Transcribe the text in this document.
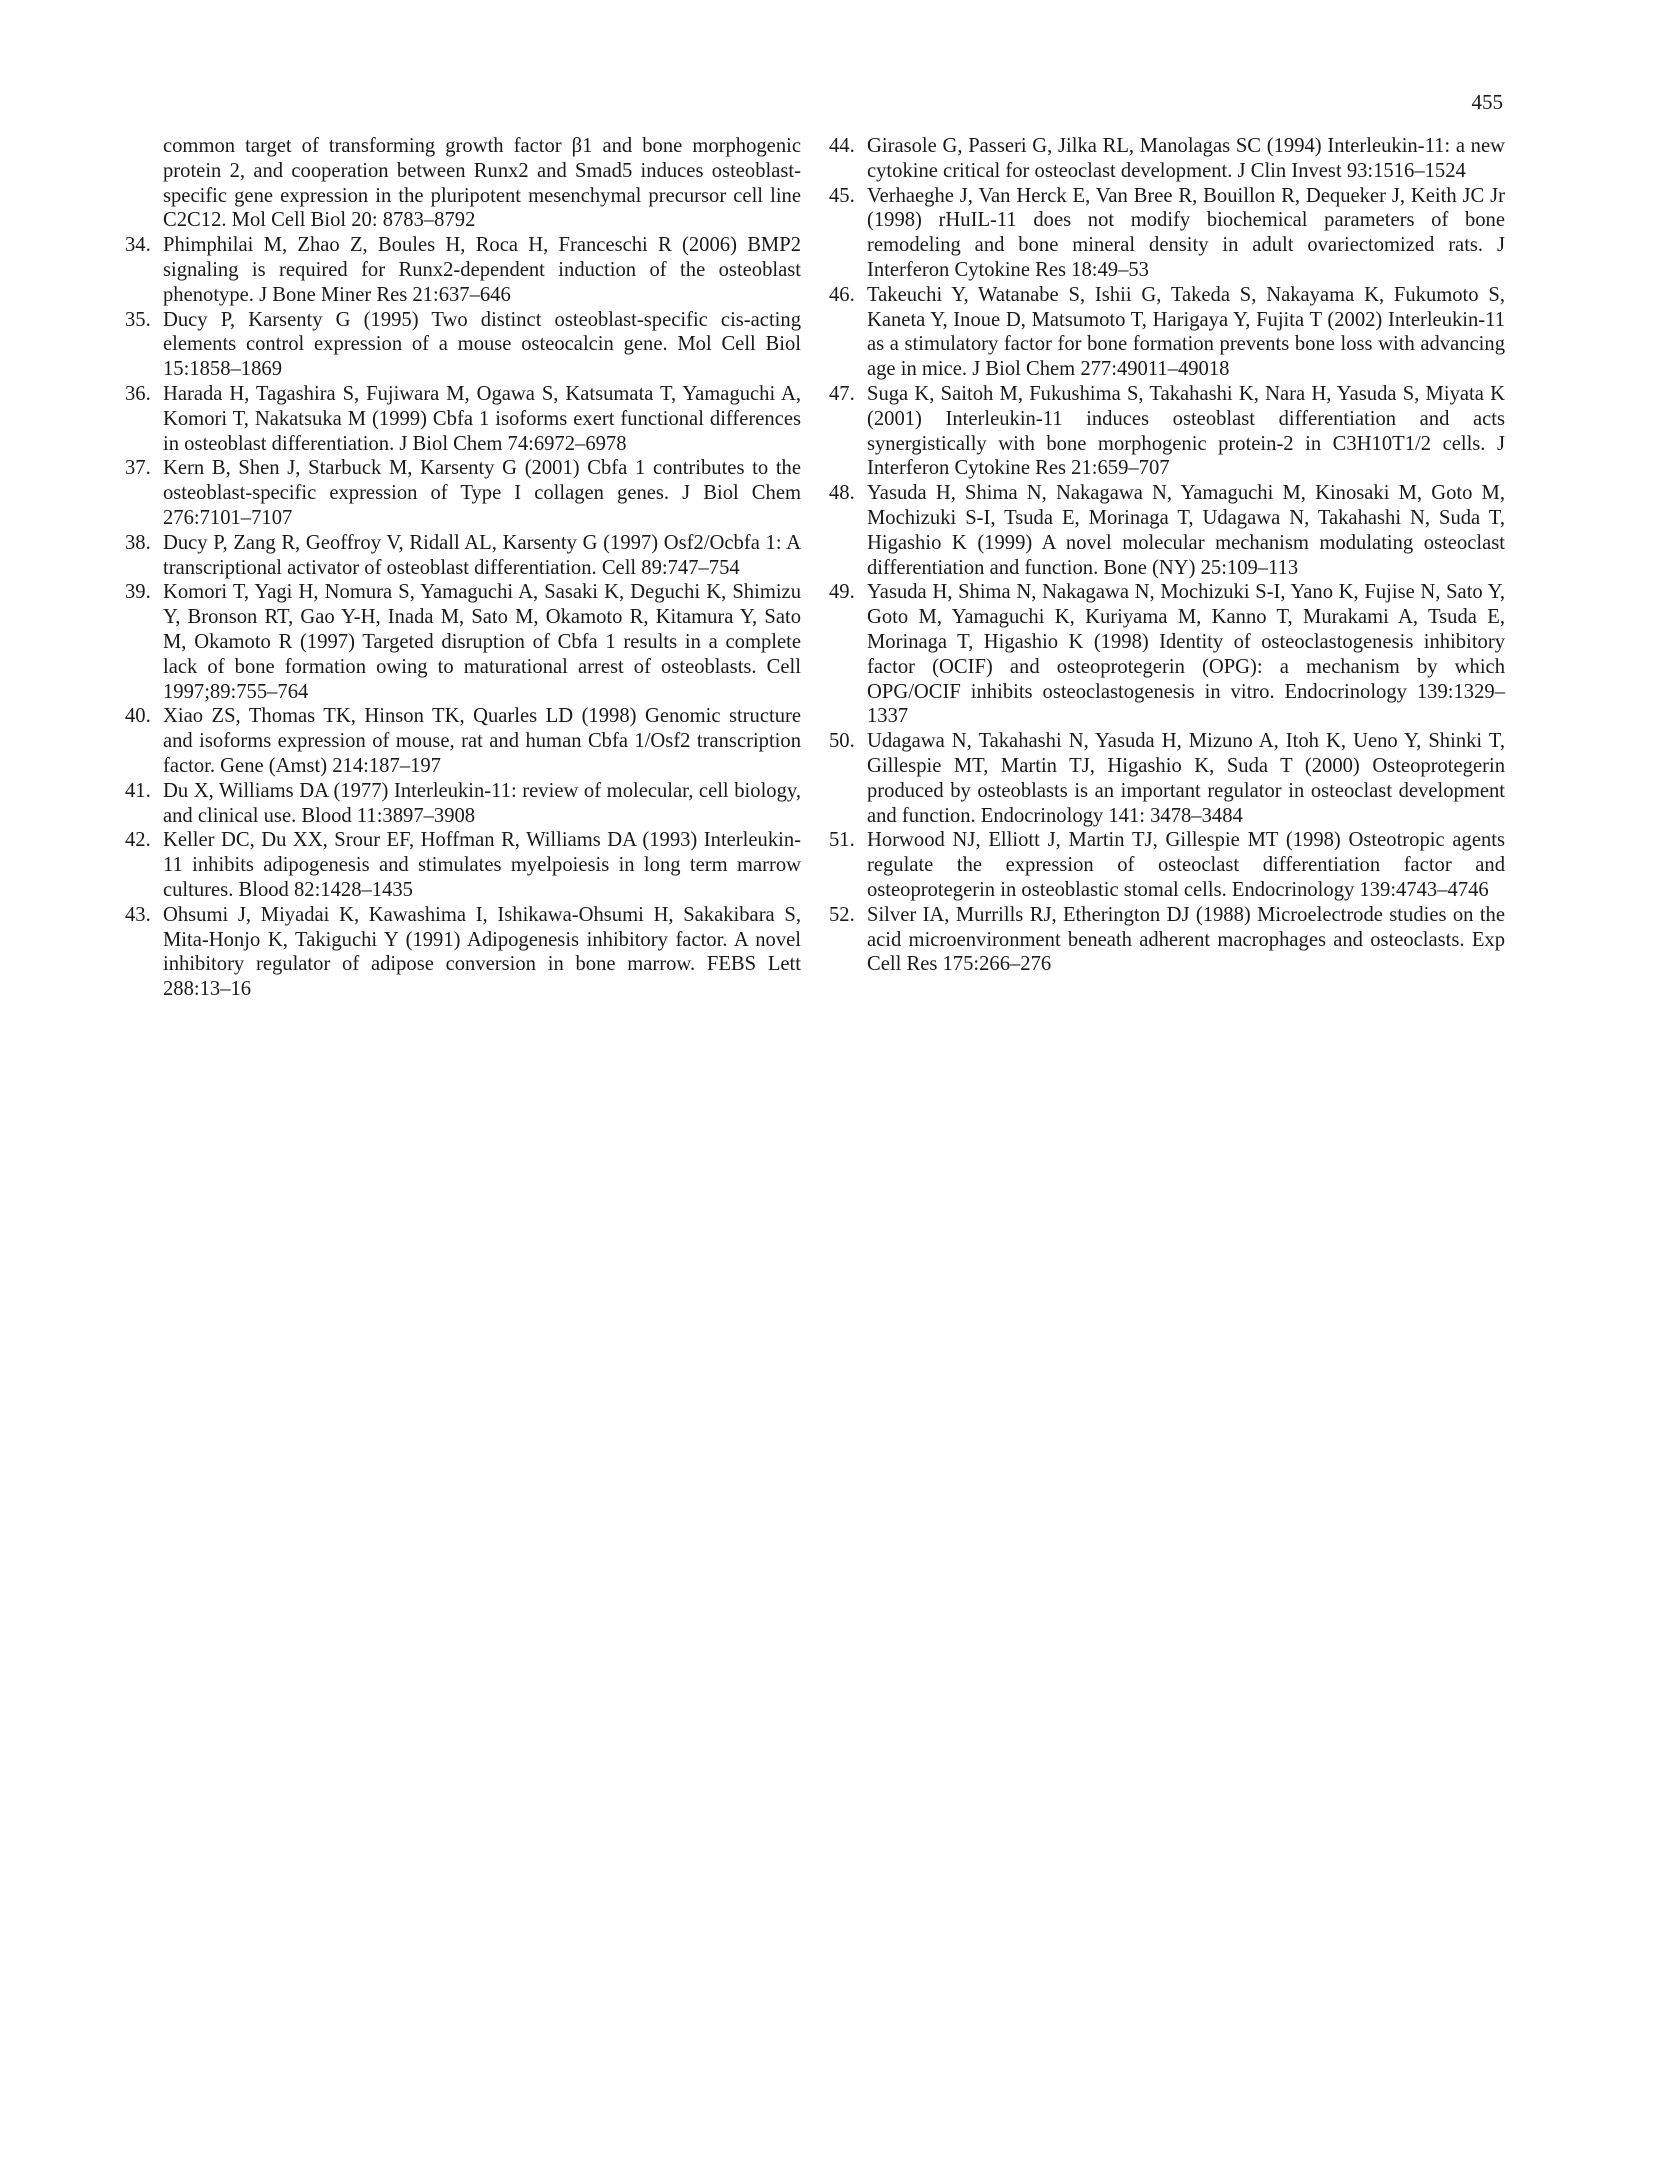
455

common target of transforming growth factor β1 and bone morphogenic protein 2, and cooperation between Runx2 and Smad5 induces osteoblast-specific gene expression in the pluripotent mesenchymal precursor cell line C2C12. Mol Cell Biol 20: 8783–8792

34. Phimphilai M, Zhao Z, Boules H, Roca H, Franceschi R (2006) BMP2 signaling is required for Runx2-dependent induction of the osteoblast phenotype. J Bone Miner Res 21:637–646

35. Ducy P, Karsenty G (1995) Two distinct osteoblast-specific cis-acting elements control expression of a mouse osteocalcin gene. Mol Cell Biol 15:1858–1869

36. Harada H, Tagashira S, Fujiwara M, Ogawa S, Katsumata T, Yamaguchi A, Komori T, Nakatsuka M (1999) Cbfa 1 isoforms exert functional differences in osteoblast differentiation. J Biol Chem 74:6972–6978

37. Kern B, Shen J, Starbuck M, Karsenty G (2001) Cbfa 1 contributes to the osteoblast-specific expression of Type I collagen genes. J Biol Chem 276:7101–7107

38. Ducy P, Zang R, Geoffroy V, Ridall AL, Karsenty G (1997) Osf2/Ocbfa 1: A transcriptional activator of osteoblast differentiation. Cell 89:747–754

39. Komori T, Yagi H, Nomura S, Yamaguchi A, Sasaki K, Deguchi K, Shimizu Y, Bronson RT, Gao Y-H, Inada M, Sato M, Okamoto R, Kitamura Y, Sato M, Okamoto R (1997) Targeted disruption of Cbfa 1 results in a complete lack of bone formation owing to maturational arrest of osteoblasts. Cell 1997;89:755–764

40. Xiao ZS, Thomas TK, Hinson TK, Quarles LD (1998) Genomic structure and isoforms expression of mouse, rat and human Cbfa 1/Osf2 transcription factor. Gene (Amst) 214:187–197

41. Du X, Williams DA (1977) Interleukin-11: review of molecular, cell biology, and clinical use. Blood 11:3897–3908

42. Keller DC, Du XX, Srour EF, Hoffman R, Williams DA (1993) Interleukin-11 inhibits adipogenesis and stimulates myelpoiesis in long term marrow cultures. Blood 82:1428–1435

43. Ohsumi J, Miyadai K, Kawashima I, Ishikawa-Ohsumi H, Sakakibara S, Mita-Honjo K, Takiguchi Y (1991) Adipogenesis inhibitory factor. A novel inhibitory regulator of adipose conversion in bone marrow. FEBS Lett 288:13–16

44. Girasole G, Passeri G, Jilka RL, Manolagas SC (1994) Interleukin-11: a new cytokine critical for osteoclast development. J Clin Invest 93:1516–1524

45. Verhaeghe J, Van Herck E, Van Bree R, Bouillon R, Dequeker J, Keith JC Jr (1998) rHuIL-11 does not modify biochemical parameters of bone remodeling and bone mineral density in adult ovariectomized rats. J Interferon Cytokine Res 18:49–53

46. Takeuchi Y, Watanabe S, Ishii G, Takeda S, Nakayama K, Fukumoto S, Kaneta Y, Inoue D, Matsumoto T, Harigaya Y, Fujita T (2002) Interleukin-11 as a stimulatory factor for bone formation prevents bone loss with advancing age in mice. J Biol Chem 277:49011–49018

47. Suga K, Saitoh M, Fukushima S, Takahashi K, Nara H, Yasuda S, Miyata K (2001) Interleukin-11 induces osteoblast differentiation and acts synergistically with bone morphogenic protein-2 in C3H10T1/2 cells. J Interferon Cytokine Res 21:659–707

48. Yasuda H, Shima N, Nakagawa N, Yamaguchi M, Kinosaki M, Goto M, Mochizuki S-I, Tsuda E, Morinaga T, Udagawa N, Takahashi N, Suda T, Higashio K (1999) A novel molecular mechanism modulating osteoclast differentiation and function. Bone (NY) 25:109–113

49. Yasuda H, Shima N, Nakagawa N, Mochizuki S-I, Yano K, Fujise N, Sato Y, Goto M, Yamaguchi K, Kuriyama M, Kanno T, Murakami A, Tsuda E, Morinaga T, Higashio K (1998) Identity of osteoclastogenesis inhibitory factor (OCIF) and osteoprotegerin (OPG): a mechanism by which OPG/OCIF inhibits osteoclastogenesis in vitro. Endocrinology 139:1329–1337

50. Udagawa N, Takahashi N, Yasuda H, Mizuno A, Itoh K, Ueno Y, Shinki T, Gillespie MT, Martin TJ, Higashio K, Suda T (2000) Osteoprotegerin produced by osteoblasts is an important regulator in osteoclast development and function. Endocrinology 141: 3478–3484

51. Horwood NJ, Elliott J, Martin TJ, Gillespie MT (1998) Osteotropic agents regulate the expression of osteoclast differentiation factor and osteoprotegerin in osteoblastic stomal cells. Endocrinology 139:4743–4746

52. Silver IA, Murrills RJ, Etherington DJ (1988) Microelectrode studies on the acid microenvironment beneath adherent macrophages and osteoclasts. Exp Cell Res 175:266–276
